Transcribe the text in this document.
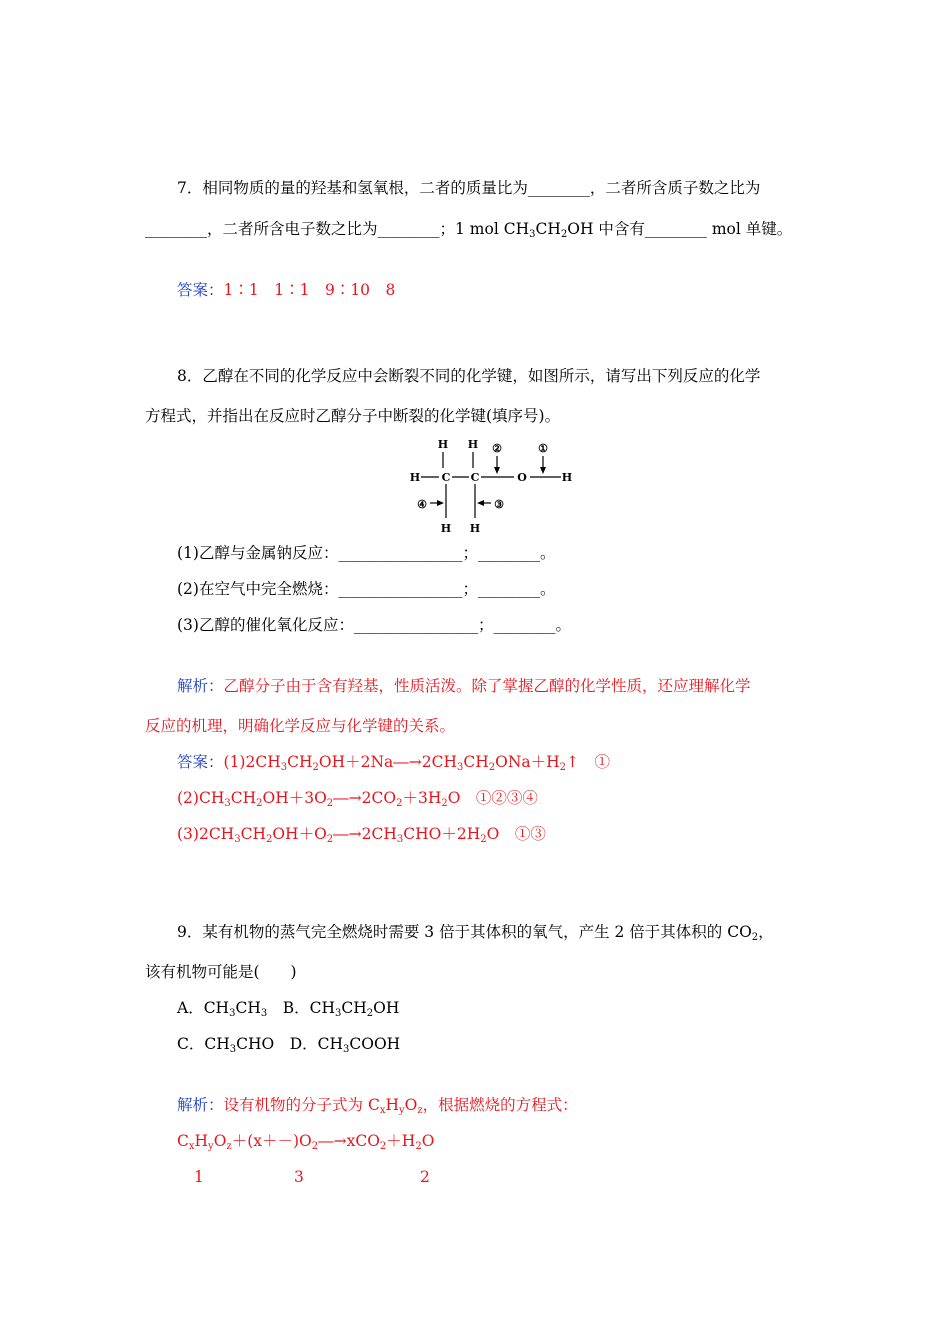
7．相同物质的量的羟基和氢氧根，二者的质量比为________，二者所含质子数之比为
________，二者所含电子数之比为________；1 mol $CH_3CH_2OH$ 中含有________ mol 单键。
答案：1∶1　1∶1　9∶10　8
8．乙醇在不同的化学反应中会断裂不同的化学键，如图所示，请写出下列反应的化学
方程式，并指出在反应时乙醇分子中断裂的化学键(填序号)。
H H
H C C	O	H
H H
②	①
④	③
(1)乙醇与金属钠反应：________________；________。
(2)在空气中完全燃烧：________________；________。
(3)乙醇的催化氧化反应：________________；________。
解析：乙醇分子由于含有羟基，性质活泼。除了掌握乙醇的化学性质，还应理解化学
反应的机理，明确化学反应与化学键的关系。
答案：$(1)2CH_3CH_2OH+2Na―\to 2CH_3CH_2ONa+H_2↑$　①
$(2)CH_3CH_2OH+3O_2―\to 2CO_2+3H_2O$　①②③④
$(3)2CH_3CH_2OH+O_2―\to 2CH_3CHO+2H_2O$　①③
9．某有机物的蒸气完全燃烧时需要 3 倍于其体积的氧气，产生 2 倍于其体积的 $CO_2$，
该有机物可能是(　　)
A．$CH_3CH_3$　B．$CH_3CH_2OH$
C．$CH_3CHO$　D．$CH_3COOH$
解析：设有机物的分子式为 $C_xH_yO_z$，根据燃烧的方程式：
$C_xH_yO_z+(x+-)O_2―\to xCO_2+H_2O$
1	3	2
